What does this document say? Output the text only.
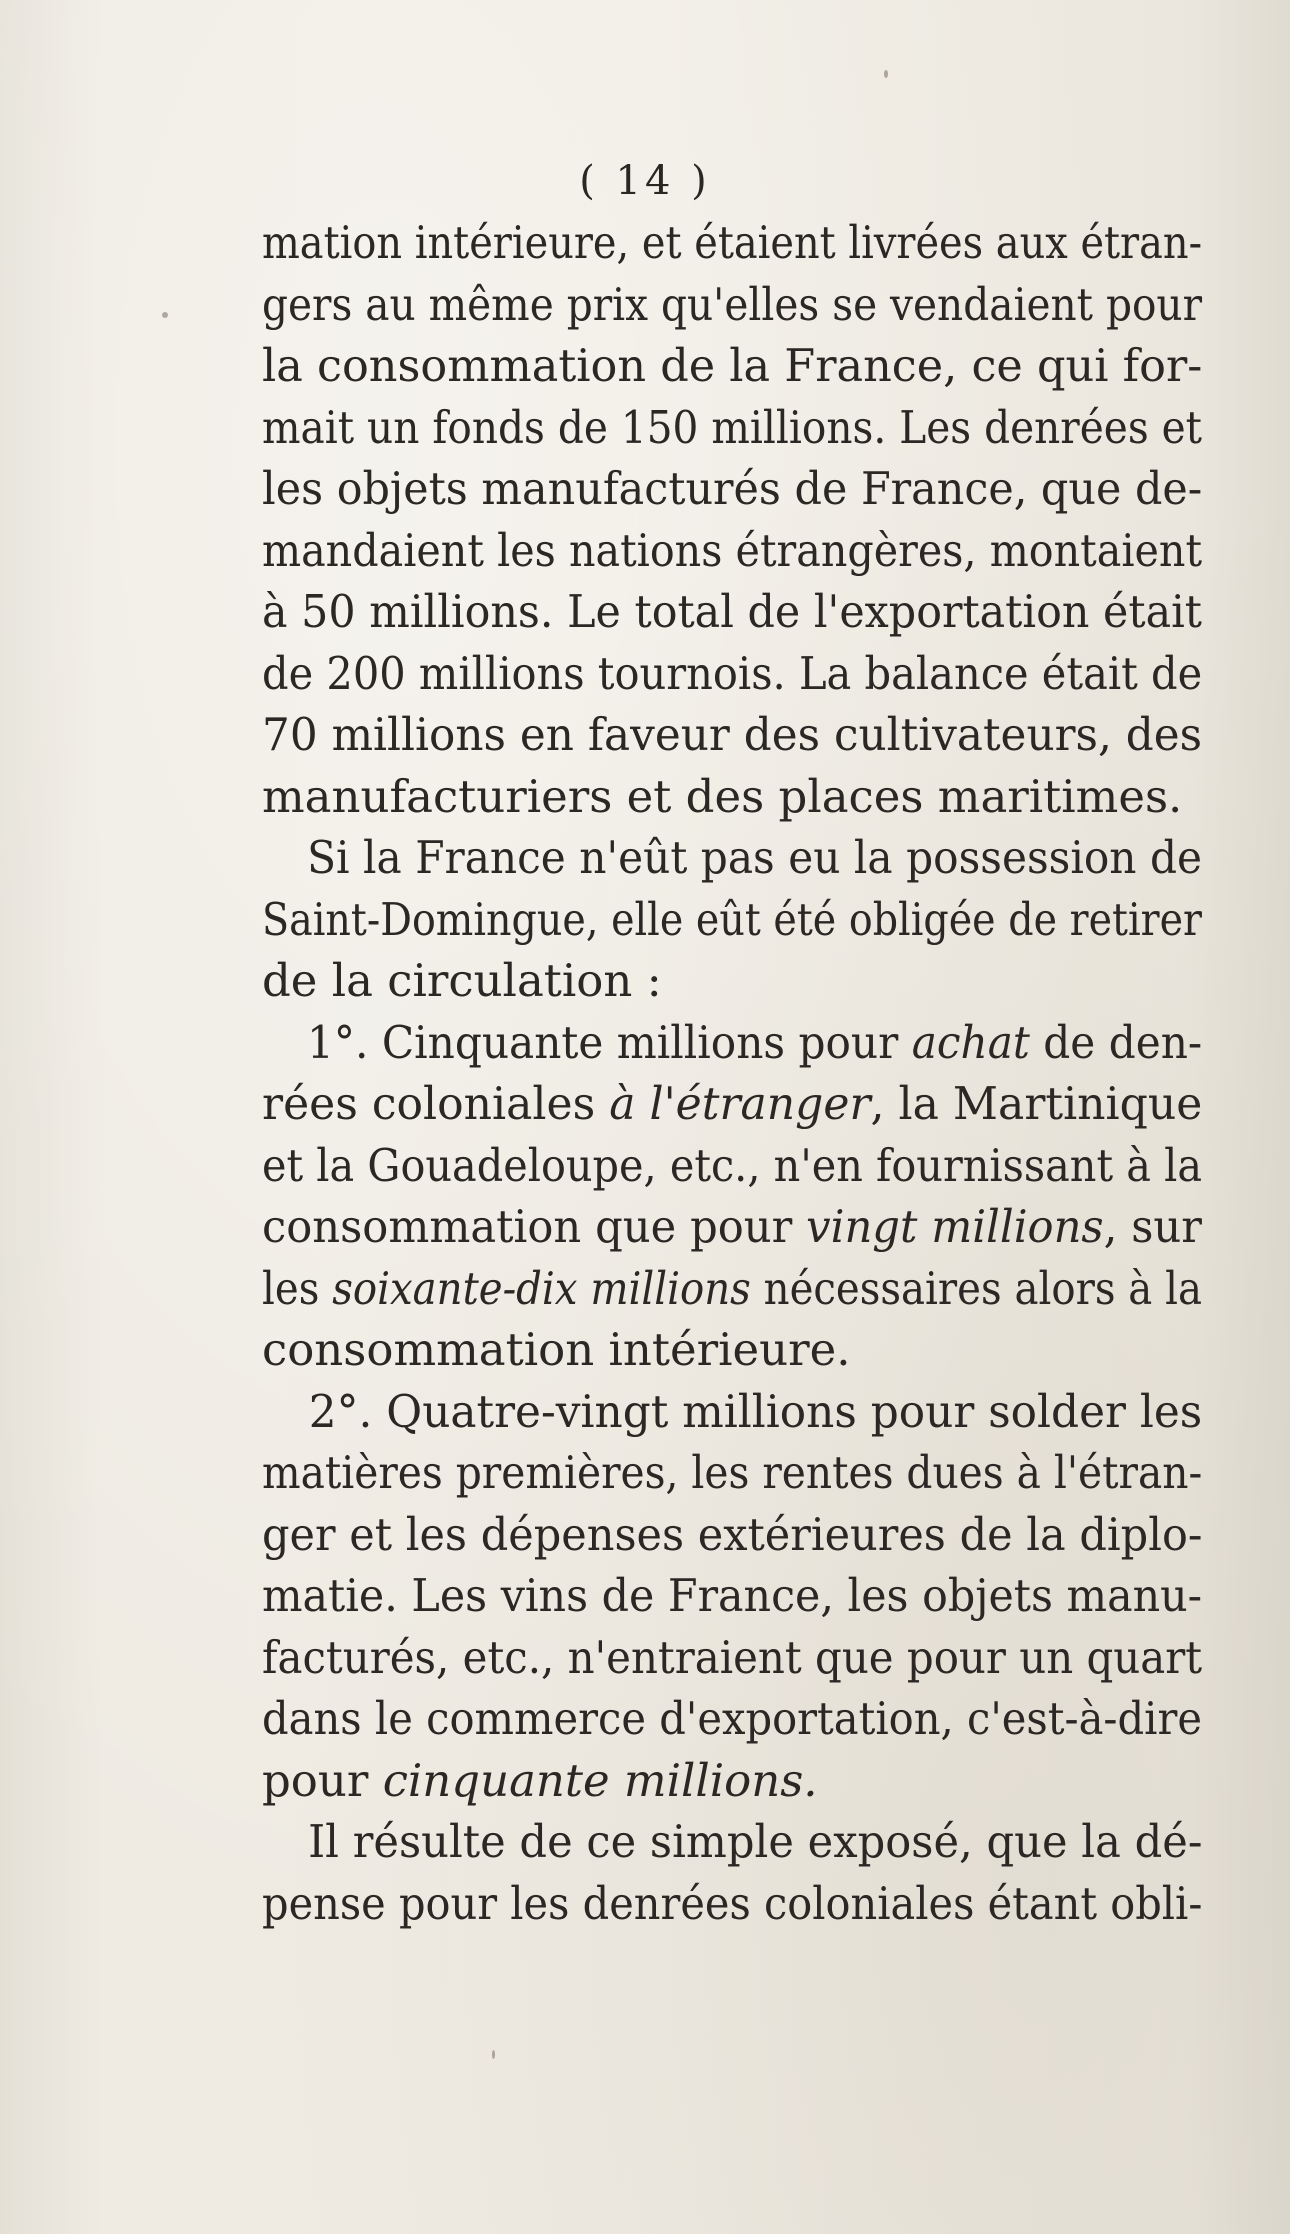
( 14 )
mation intérieure, et étaient livrées aux étran-
gers au même prix qu'elles se vendaient pour
la consommation de la France, ce qui for-
mait un fonds de 150 millions. Les denrées et
les objets manufacturés de France, que de-
mandaient les nations étrangères, montaient
à 50 millions. Le total de l'exportation était
de 200 millions tournois. La balance était de
70 millions en faveur des cultivateurs, des
manufacturiers et des places maritimes.
Si la France n'eût pas eu la possession de
Saint-Domingue, elle eût été obligée de retirer
de la circulation :
1°. Cinquante millions pour achat de den-
rées coloniales à l'étranger, la Martinique
et la Gouadeloupe, etc., n'en fournissant à la
consommation que pour vingt millions, sur
les soixante-dix millions nécessaires alors à la
consommation intérieure.
2°. Quatre-vingt millions pour solder les
matières premières, les rentes dues à l'étran-
ger et les dépenses extérieures de la diplo-
matie. Les vins de France, les objets manu-
facturés, etc., n'entraient que pour un quart
dans le commerce d'exportation, c'est-à-dire
pour cinquante millions.
Il résulte de ce simple exposé, que la dé-
pense pour les denrées coloniales étant obli-
